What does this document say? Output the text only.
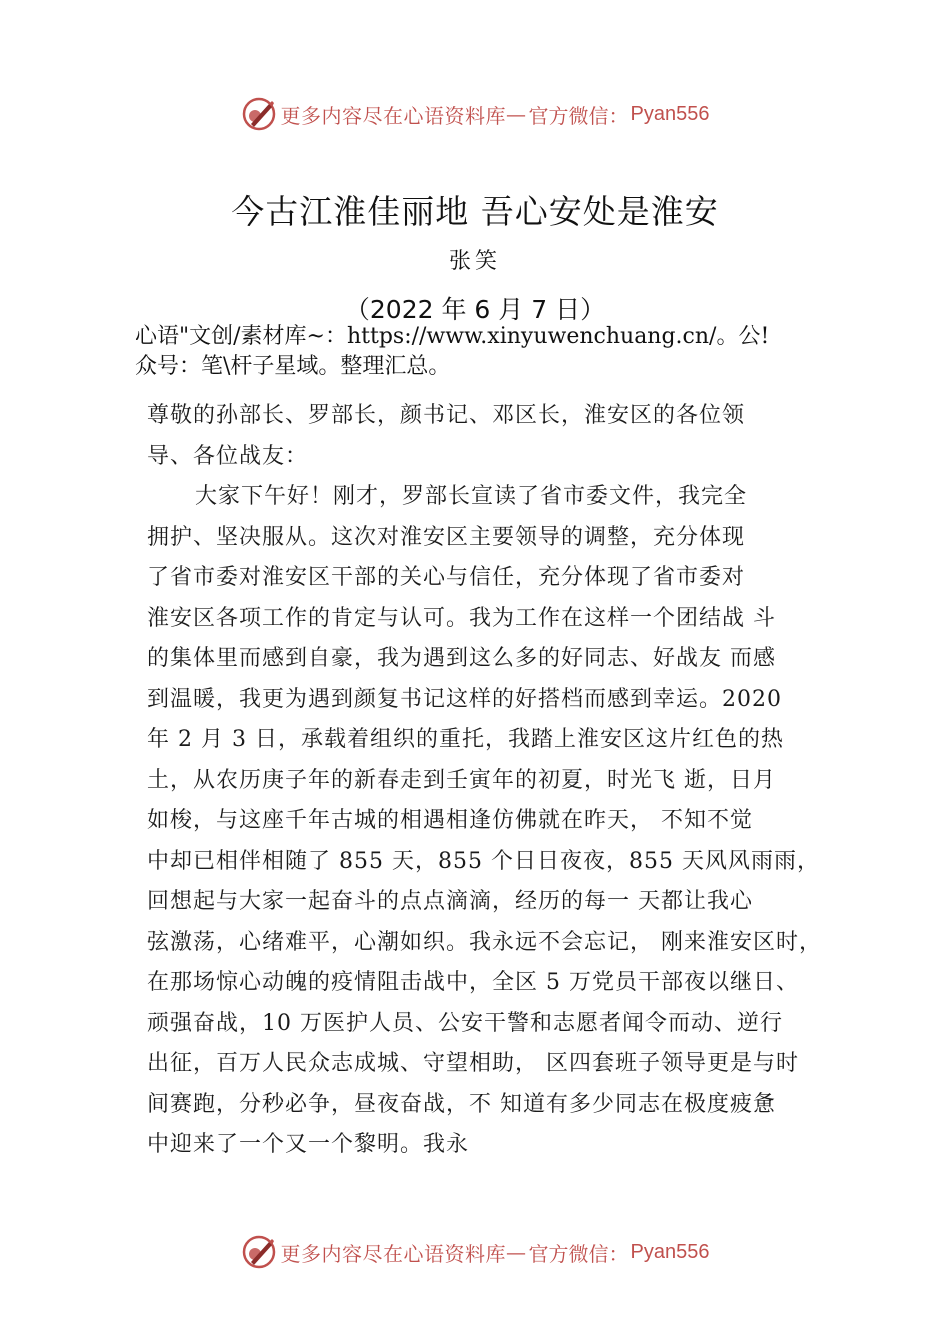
更多内容尽在心语资料库 — 官方微信： Pyan556
今古江淮佳丽地 吾心安处是淮安
张笑
（2022 年 6 月 7 日）
心语"文创/素材库~：https://www.xinyuwenchuang.cn/。公!
众号：笔\杆子星域。整理汇总。
尊敬的孙部长、罗部长，颜书记、邓区长，淮安区的各位领
导、各位战友：
大家下午好！刚才，罗部长宣读了省市委文件，我完全
拥护、坚决服从。这次对淮安区主要领导的调整，充分体现
了省市委对淮安区干部的关心与信任，充分体现了省市委对
淮安区各项工作的肯定与认可。我为工作在这样一个团结战 斗
的集体里而感到自豪，我为遇到这么多的好同志、好战友 而感
到温暖，我更为遇到颜复书记这样的好搭档而感到幸运。2020
年 2 月 3 日，承载着组织的重托，我踏上淮安区这片红色的热
土，从农历庚子年的新春走到壬寅年的初夏，时光飞 逝，日月
如梭，与这座千年古城的相遇相逢仿佛就在昨天， 不知不觉
中却已相伴相随了 855 天，855 个日日夜夜，855 天风风雨雨，
回想起与大家一起奋斗的点点滴滴，经历的每一 天都让我心
弦激荡，心绪难平，心潮如织。我永远不会忘记， 刚来淮安区时，
在那场惊心动魄的疫情阻击战中，全区 5 万党员干部夜以继日、
顽强奋战，10 万医护人员、公安干警和志愿者闻令而动、逆行
出征，百万人民众志成城、守望相助， 区四套班子领导更是与时
间赛跑，分秒必争，昼夜奋战，不 知道有多少同志在极度疲惫
中迎来了一个又一个黎明。我永
更多内容尽在心语资料库 — 官方微信： Pyan556
